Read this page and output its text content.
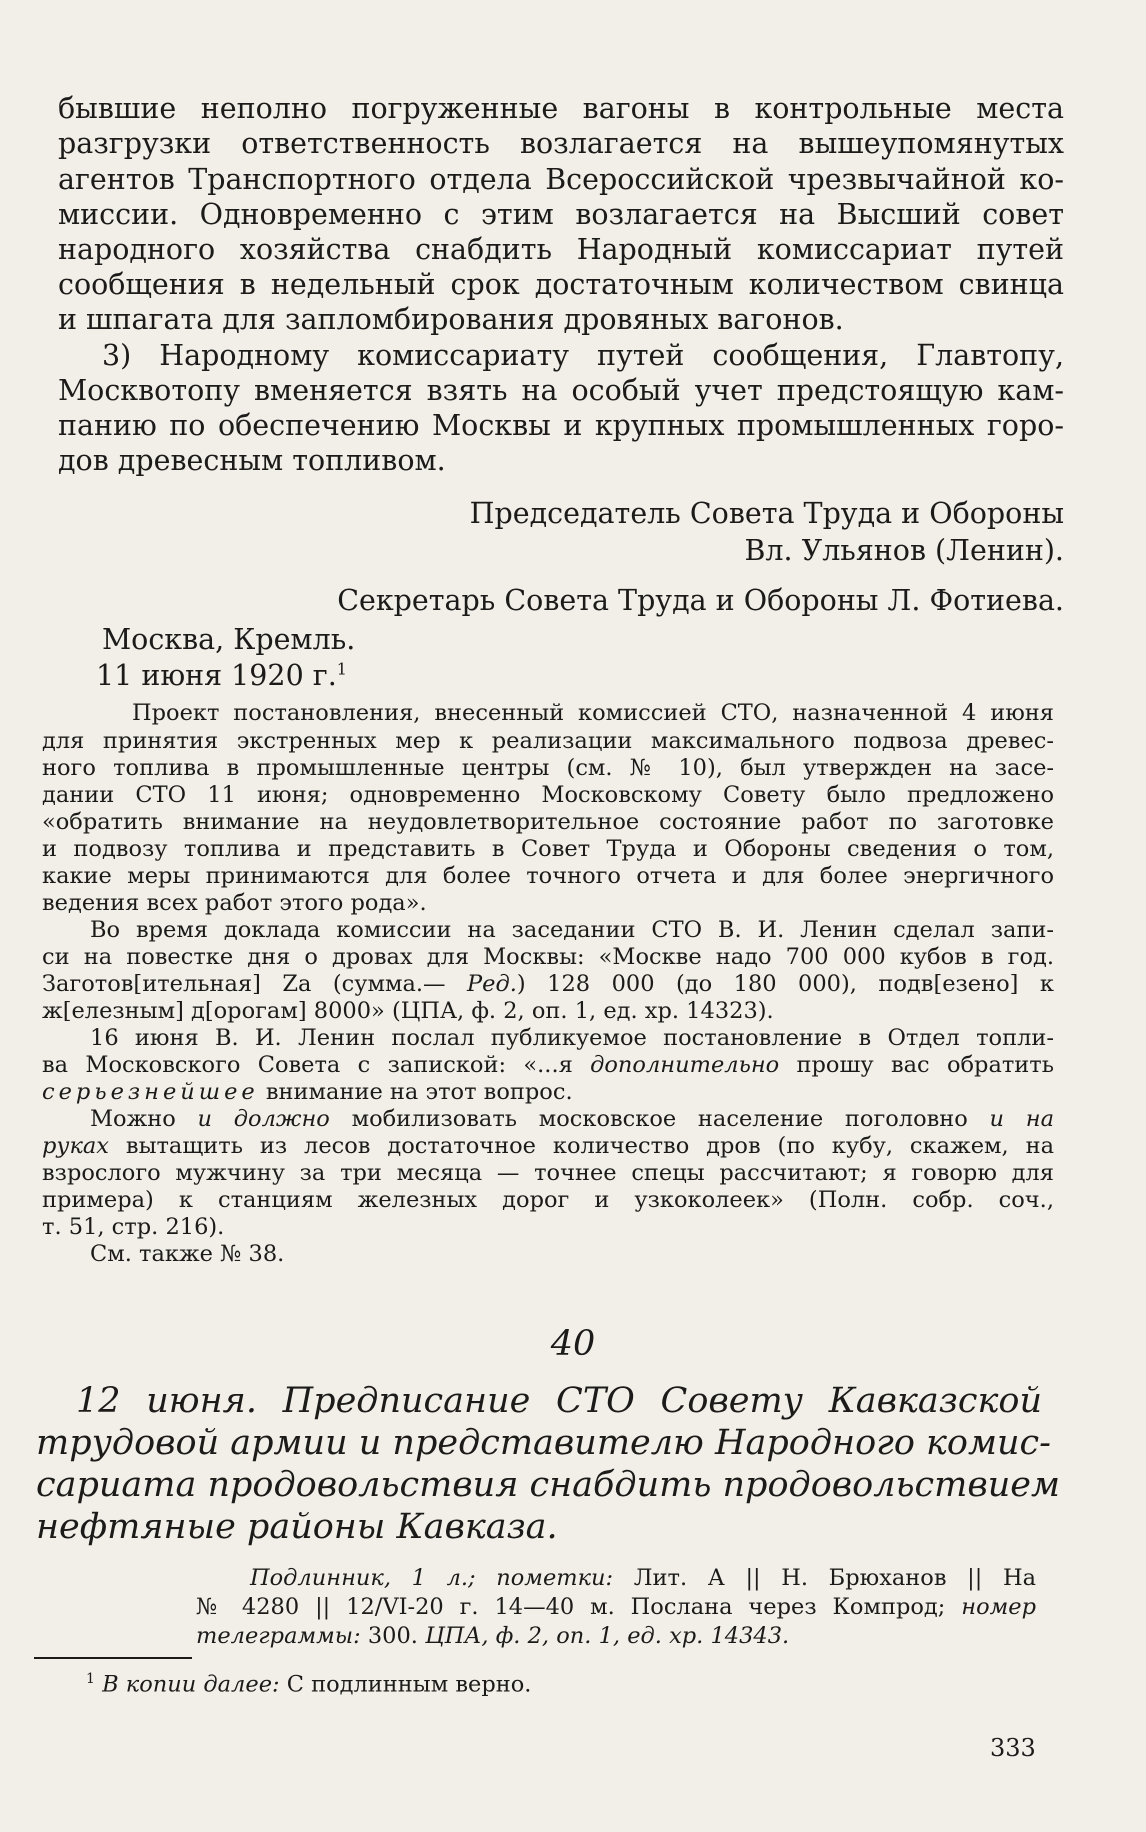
бывшие неполно погруженные вагоны в контрольные места
разгрузки ответственность возлагается на вышеупомянутых
агентов Транспортного отдела Всероссийской чрезвычайной ко-
миссии. Одновременно с этим возлагается на Высший совет
народного хозяйства снабдить Народный комиссариат путей
сообщения в недельный срок достаточным количеством свинца
и шпагата для запломбирования дровяных вагонов.
3) Народному комиссариату путей сообщения, Главтопу,
Москвотопу вменяется взять на особый учет предстоящую кам-
панию по обеспечению Москвы и крупных промышленных горо-
дов древесным топливом.
Председатель Совета Труда и Обороны
Вл. Ульянов (Ленин).
Секретарь Совета Труда и Обороны Л. Фотиева.
Москва, Кремль.
11 июня 1920 г.$^1$
Проект постановления, внесенный комиссией СТО, назначенной 4 июня
для принятия экстренных мер к реализации максимального подвоза древес-
ного топлива в промышленные центры (см. № 10), был утвержден на засе-
дании СТО 11 июня; одновременно Московскому Совету было предложено
«обратить внимание на неудовлетворительное состояние работ по заготовке
и подвозу топлива и представить в Совет Труда и Обороны сведения о том,
какие меры принимаются для более точного отчета и для более энергичного
ведения всех работ этого рода».
Во время доклада комиссии на заседании СТО В. И. Ленин сделал запи-
си на повестке дня о дровах для Москвы: «Москве надо 700 000 кубов в год.
Заготов[ительная] Za (сумма.— Ред.) 128 000 (до 180 000), подв[езено] к
ж[елезным] д[орогам] 8000» (ЦПА, ф. 2, оп. 1, ед. хр. 14323).
16 июня В. И. Ленин послал публикуемое постановление в Отдел топли-
ва Московского Совета с запиской: «...я дополнительно прошу вас обратить
серьезнейшее внимание на этот вопрос.
Можно и должно мобилизовать московское население поголовно и на
руках вытащить из лесов достаточное количество дров (по кубу, скажем, на
взрослого мужчину за три месяца — точнее спецы рассчитают; я говорю для
примера) к станциям железных дорог и узкоколеек» (Полн. собр. соч.,
т. 51, стр. 216).
См. также № 38.
40
12 июня. Предписание СТО Совету Кавказской
трудовой армии и представителю Народного комис-
сариата продовольствия снабдить продовольствием
нефтяные районы Кавказа.
Подлинник, 1 л.; пометки: Лит. А || Н. Брюханов || На
№ 4280 || 12/VI-20 г. 14—40 м. Послана через Компрод; номер
телеграммы: 300. ЦПА, ф. 2, оп. 1, ед. хр. 14343.
$^1$ В копии далее: С подлинным верно.
333
